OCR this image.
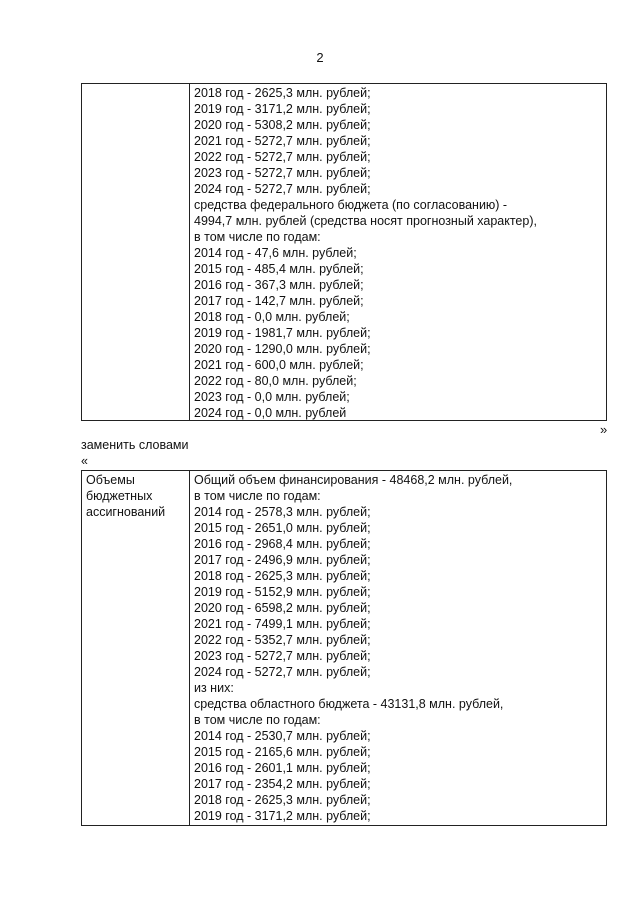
2
2018 год - 2625,3 млн. рублей;
2019 год - 3171,2 млн. рублей;
2020 год - 5308,2 млн. рублей;
2021 год - 5272,7 млн. рублей;
2022 год - 5272,7 млн. рублей;
2023 год - 5272,7 млн. рублей;
2024 год - 5272,7 млн. рублей;
средства федерального бюджета (по согласованию) -
4994,7 млн. рублей (средства носят прогнозный характер),
в том числе по годам:
2014 год - 47,6 млн. рублей;
2015 год - 485,4 млн. рублей;
2016 год - 367,3 млн. рублей;
2017 год - 142,7 млн. рублей;
2018 год - 0,0 млн. рублей;
2019 год - 1981,7 млн. рублей;
2020 год - 1290,0 млн. рублей;
2021 год - 600,0 млн. рублей;
2022 год - 80,0 млн. рублей;
2023 год - 0,0 млн. рублей;
2024 год - 0,0 млн. рублей
»
заменить словами
«
Объемы
бюджетных
ассигнований
Общий объем финансирования - 48468,2 млн. рублей,
в том числе по годам:
2014 год - 2578,3 млн. рублей;
2015 год - 2651,0 млн. рублей;
2016 год - 2968,4 млн. рублей;
2017 год - 2496,9 млн. рублей;
2018 год - 2625,3 млн. рублей;
2019 год - 5152,9 млн. рублей;
2020 год - 6598,2 млн. рублей;
2021 год - 7499,1 млн. рублей;
2022 год - 5352,7 млн. рублей;
2023 год - 5272,7 млн. рублей;
2024 год - 5272,7 млн. рублей;
из них:
средства областного бюджета - 43131,8 млн. рублей,
в том числе по годам:
2014 год - 2530,7 млн. рублей;
2015 год - 2165,6 млн. рублей;
2016 год - 2601,1 млн. рублей;
2017 год - 2354,2 млн. рублей;
2018 год - 2625,3 млн. рублей;
2019 год - 3171,2 млн. рублей;
